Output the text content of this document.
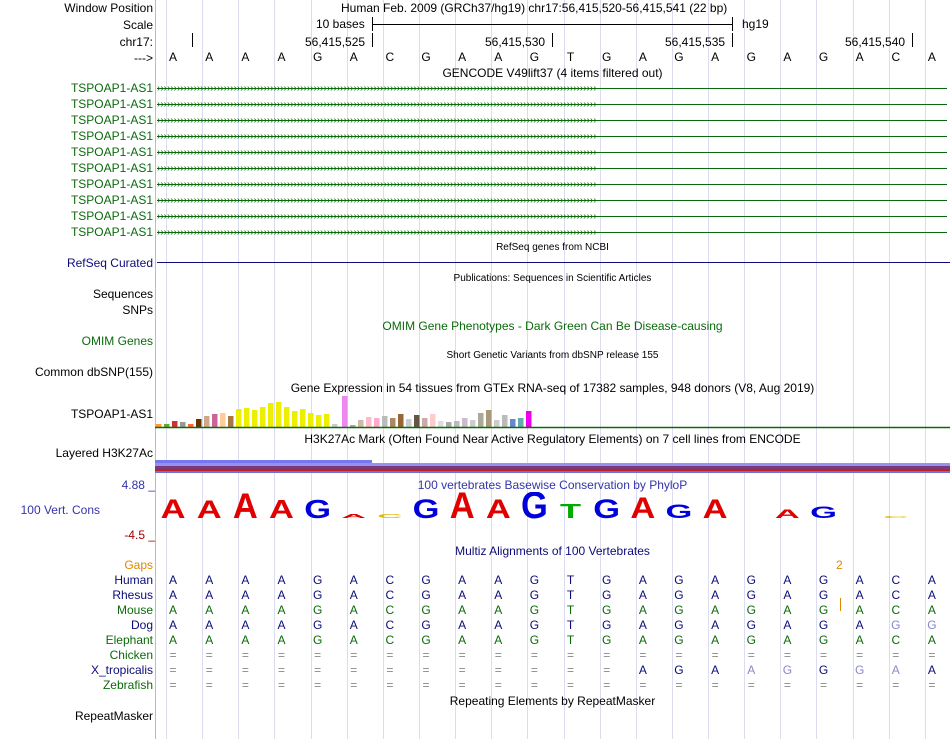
Window Position	Human Feb. 2009 (GRCh37/hg19) chr17:56,415,520-56,415,541 (22 bp)
Scale	10 bases	hg19
chr17:	56,415,525	56,415,530	56,415,535	56,415,540
--->	A	A	A	A	G	A	C	G	A	A	G	T	G	A	G	A	G	A	G	A	C	A
GENCODE V49lift37 (4 items filtered out)
TSPOAP1-AS1 ››››››››››››››››››››››››››››››››››››››››››››››››››››››››››››››››››››››››››››››››››››››››››››››››››››››››››››››››››››››››››››››››››››
TSPOAP1-AS1 ››››››››››››››››››››››››››››››››››››››››››››››››››››››››››››››››››››››››››››››››››››››››››››››››››››››››››››››››››››››››››››››››››››
TSPOAP1-AS1 ››››››››››››››››››››››››››››››››››››››››››››››››››››››››››››››››››››››››››››››››››››››››››››››››››››››››››››››››››››››››››››››››››››
TSPOAP1-AS1 ››››››››››››››››››››››››››››››››››››››››››››››››››››››››››››››››››››››››››››››››››››››››››››››››››››››››››››››››››››››››››››››››››››
TSPOAP1-AS1 ››››››››››››››››››››››››››››››››››››››››››››››››››››››››››››››››››››››››››››››››››››››››››››››››››››››››››››››››››››››››››››››››››››
TSPOAP1-AS1 ››››››››››››››››››››››››››››››››››››››››››››››››››››››››››››››››››››››››››››››››››››››››››››››››››››››››››››››››››››››››››››››››››››
TSPOAP1-AS1 ››››››››››››››››››››››››››››››››››››››››››››››››››››››››››››››››››››››››››››››››››››››››››››››››››››››››››››››››››››››››››››››››››››
TSPOAP1-AS1 ››››››››››››››››››››››››››››››››››››››››››››››››››››››››››››››››››››››››››››››››››››››››››››››››››››››››››››››››››››››››››››››››››››
TSPOAP1-AS1 ››››››››››››››››››››››››››››››››››››››››››››››››››››››››››››››››››››››››››››››››››››››››››››››››››››››››››››››››››››››››››››››››››››
TSPOAP1-AS1 ››››››››››››››››››››››››››››››››››››››››››››››››››››››››››››››››››››››››››››››››››››››››››››››››››››››››››››››››››››››››››››››››››››
RefSeq genes from NCBI
RefSeq Curated
Publications: Sequences in Scientific Articles
Sequences
SNPs
OMIM Gene Phenotypes - Dark Green Can Be Disease-causing
OMIM Genes
Short Genetic Variants from dbSNP release 155
Common dbSNP(155)
Gene Expression in 54 tissues from GTEx RNA-seq of 17382 samples, 948 donors (V8, Aug 2019)
TSPOAP1-AS1
H3K27Ac Mark (Often Found Near Active Regulatory Elements) on 7 cell lines from ENCODE
Layered H3K27Ac
100 vertebrates Basewise Conservation by PhyloP
4.88 _
100 Vert. Cons
-4.5 _
A A A A G A C G A A G T G A G A A G C
Multiz Alignments of 100 Vertebrates
Gaps	2
Human	A	A	A	A	G	A	C	G	A	A	G	T	G	A	G	A	G	A	G	A	C	A
Rhesus	A	A	A	A	G	A	C	G	A	A	G	T	G	A	G	A	G	A	G	A	C	A
Mouse	A	A	A	A	G	A	C	G	A	A	G	T	G	A	G	A	G	A	G	A	C	A
Dog	A	A	A	A	G	A	C	G	A	A	G	T	G	A	G	A	G	A	G	A	G	G
Elephant	A	A	A	A	G	A	C	G	A	A	G	T	G	A	G	A	G	A	G	A	C	A
Chicken	=	=	=	=	=	=	=	=	=	=	=	=	=	=	=	=	=	=	=	=	=	=
X_tropicalis	=	=	=	=	=	=	=	=	=	=	=	=	=	A	G	A	A	G	G	G	A	A
Zebrafish	=	=	=	=	=	=	=	=	=	=	=	=	=	=	=	=	=	=	=	=	=	=
Repeating Elements by RepeatMasker
RepeatMasker
